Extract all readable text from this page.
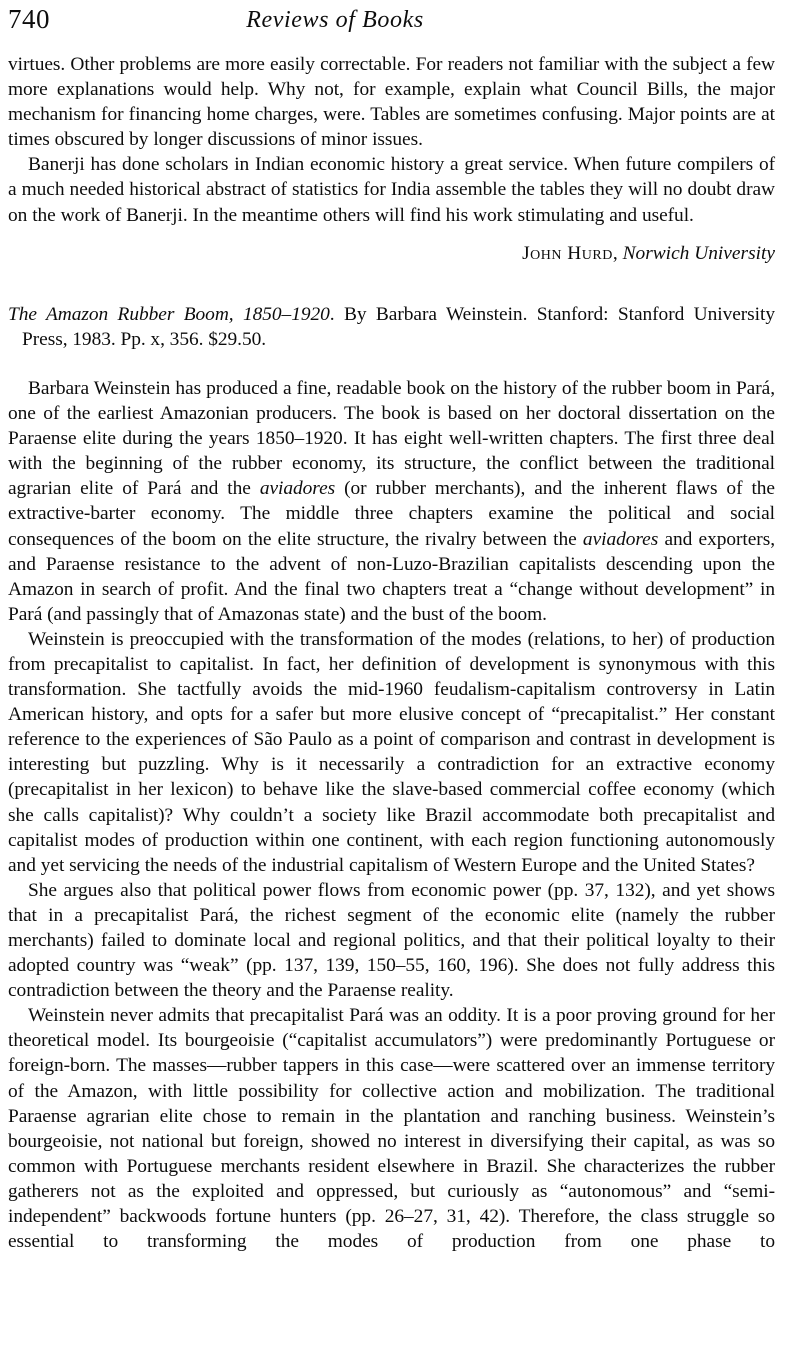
740	Reviews of Books

virtues. Other problems are more easily correctable. For readers not familiar with the subject a few more explanations would help. Why not, for example, explain what Council Bills, the major mechanism for financing home charges, were. Tables are sometimes confusing. Major points are at times obscured by longer discussions of minor issues.

Banerji has done scholars in Indian economic history a great service. When future compilers of a much needed historical abstract of statistics for India assemble the tables they will no doubt draw on the work of Banerji. In the meantime others will find his work stimulating and useful.

John Hurd, Norwich University

The Amazon Rubber Boom, 1850–1920. By Barbara Weinstein. Stanford: Stanford University Press, 1983. Pp. x, 356. $29.50.

Barbara Weinstein has produced a fine, readable book on the history of the rubber boom in Pará, one of the earliest Amazonian producers. The book is based on her doctoral dissertation on the Paraense elite during the years 1850–1920. It has eight well-written chapters. The first three deal with the beginning of the rubber economy, its structure, the conflict between the traditional agrarian elite of Pará and the aviadores (or rubber merchants), and the inherent flaws of the extractive-barter economy. The middle three chapters examine the political and social consequences of the boom on the elite structure, the rivalry between the aviadores and exporters, and Paraense resistance to the advent of non-Luzo-Brazilian capitalists descending upon the Amazon in search of profit. And the final two chapters treat a “change without development” in Pará (and passingly that of Amazonas state) and the bust of the boom.

Weinstein is preoccupied with the transformation of the modes (relations, to her) of production from precapitalist to capitalist. In fact, her definition of development is synonymous with this transformation. She tactfully avoids the mid-1960 feudalism-capitalism controversy in Latin American history, and opts for a safer but more elusive concept of “precapitalist.” Her constant reference to the experiences of São Paulo as a point of comparison and contrast in development is interesting but puzzling. Why is it necessarily a contradiction for an extractive economy (precapitalist in her lexicon) to behave like the slave-based commercial coffee economy (which she calls capitalist)? Why couldn’t a society like Brazil accommodate both precapitalist and capitalist modes of production within one continent, with each region functioning autonomously and yet servicing the needs of the industrial capitalism of Western Europe and the United States?

She argues also that political power flows from economic power (pp. 37, 132), and yet shows that in a precapitalist Pará, the richest segment of the economic elite (namely the rubber merchants) failed to dominate local and regional politics, and that their political loyalty to their adopted country was “weak” (pp. 137, 139, 150–55, 160, 196). She does not fully address this contradiction between the theory and the Paraense reality.

Weinstein never admits that precapitalist Pará was an oddity. It is a poor proving ground for her theoretical model. Its bourgeoisie (“capitalist accumulators”) were predominantly Portuguese or foreign-born. The masses—rubber tappers in this case—were scattered over an immense territory of the Amazon, with little possibility for collective action and mobilization. The traditional Paraense agrarian elite chose to remain in the plantation and ranching business. Weinstein’s bourgeoisie, not national but foreign, showed no interest in diversifying their capital, as was so common with Portuguese merchants resident elsewhere in Brazil. She characterizes the rubber gatherers not as the exploited and oppressed, but curiously as “autonomous” and “semi-independent” backwoods fortune hunters (pp. 26–27, 31, 42). Therefore, the class struggle so essential to transforming the modes of production from one phase to
